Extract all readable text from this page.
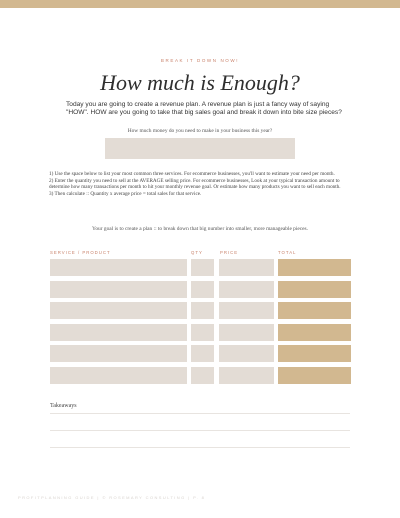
BREAK IT DOWN NOW!
How much is Enough?
Today you are going to create a revenue plan. A revenue plan is just a fancy way of saying "HOW". HOW are you going to take that big sales goal and break it down into bite size pieces?
How much money do you need to make in your business this year?
1) Use the space below to list your most common three services. For ecommerce businesses, you'll want to estimate your need per month.
2) Enter the quantity you need to sell at the AVERAGE selling price. For ecommerce businesses, Look at your typical transaction amount to determine how many transactions per month to hit your monthly revenue goal. Or estimate how many products you want to sell each month.
3) Then calculate :: Quantity x average price = total sales for that service.
Your goal is to create a plan :: to break down that big number into smaller, more manageable pieces.
SERVICE / PRODUCT	QTY	PRICE	TOTAL
Takeaways
PROFITPLANNING GUIDE | © ROSEMARY CONSULTING | P. 8
